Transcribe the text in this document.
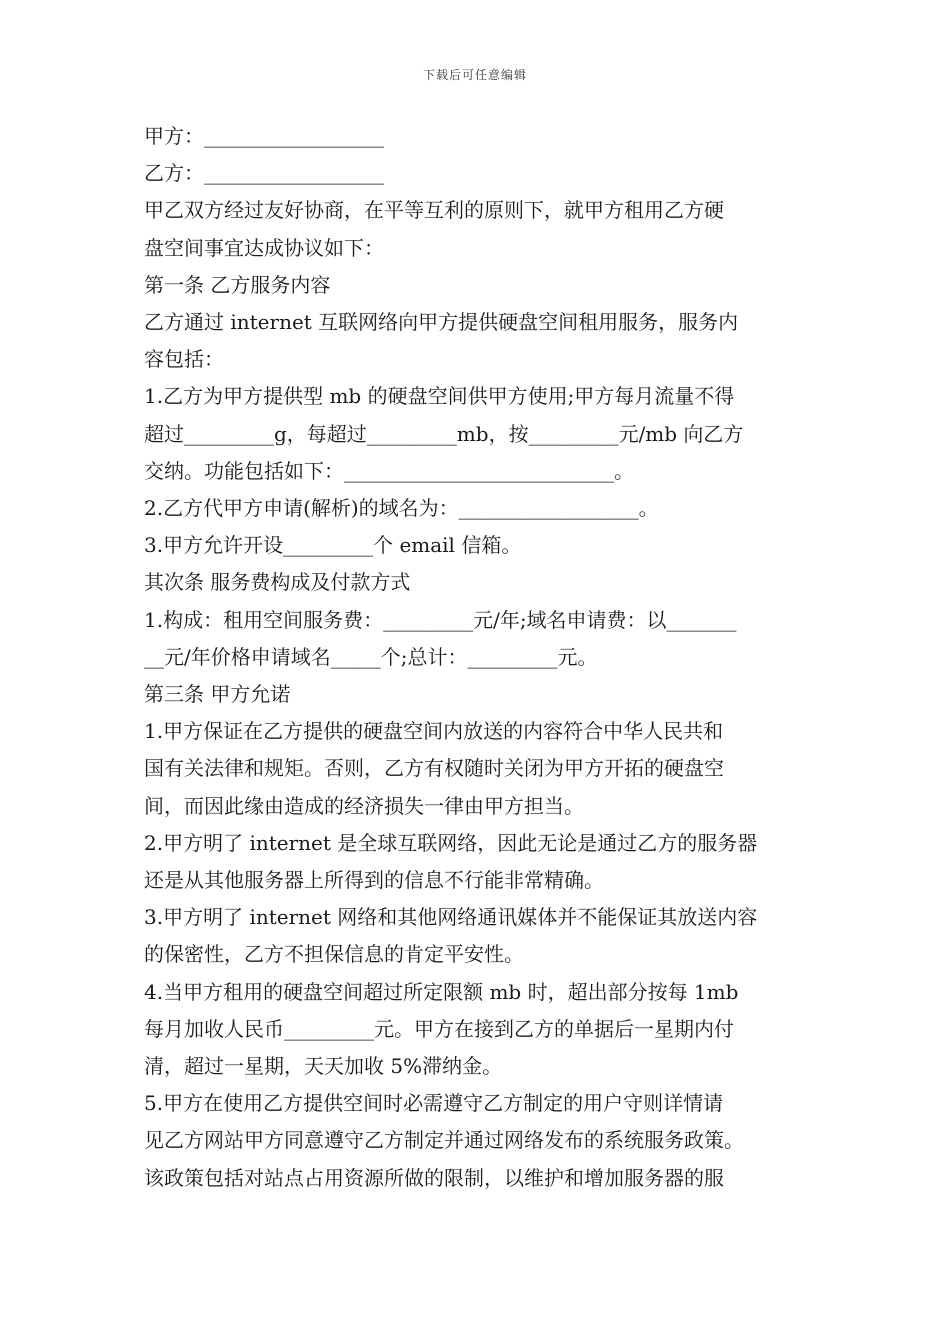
下载后可任意编辑
甲方：__________________
乙方：__________________
甲乙双方经过友好协商，在平等互利的原则下，就甲方租用乙方硬
盘空间事宜达成协议如下：
第一条 乙方服务内容
乙方通过 internet 互联网络向甲方提供硬盘空间租用服务，服务内
容包括：
1.乙方为甲方提供型 mb 的硬盘空间供甲方使用;甲方每月流量不得
超过_________g，每超过_________mb，按_________元/mb 向乙方
交纳。功能包括如下：___________________________。
2.乙方代甲方申请(解析)的域名为：__________________。
3.甲方允许开设_________个 email 信箱。
其次条 服务费构成及付款方式
1.构成：租用空间服务费：_________元/年;域名申请费：以_______
__元/年价格申请域名_____个;总计：_________元。
第三条 甲方允诺
1.甲方保证在乙方提供的硬盘空间内放送的内容符合中华人民共和
国有关法律和规矩。否则，乙方有权随时关闭为甲方开拓的硬盘空
间，而因此缘由造成的经济损失一律由甲方担当。
2.甲方明了 internet 是全球互联网络，因此无论是通过乙方的服务器
还是从其他服务器上所得到的信息不行能非常精确。
3.甲方明了 internet 网络和其他网络通讯媒体并不能保证其放送内容
的保密性，乙方不担保信息的肯定平安性。
4.当甲方租用的硬盘空间超过所定限额 mb 时，超出部分按每 1mb
每月加收人民币_________元。甲方在接到乙方的单据后一星期内付
清，超过一星期，天天加收 5%滞纳金。
5.甲方在使用乙方提供空间时必需遵守乙方制定的用户守则详情请
见乙方网站甲方同意遵守乙方制定并通过网络发布的系统服务政策。
该政策包括对站点占用资源所做的限制，以维护和增加服务器的服
